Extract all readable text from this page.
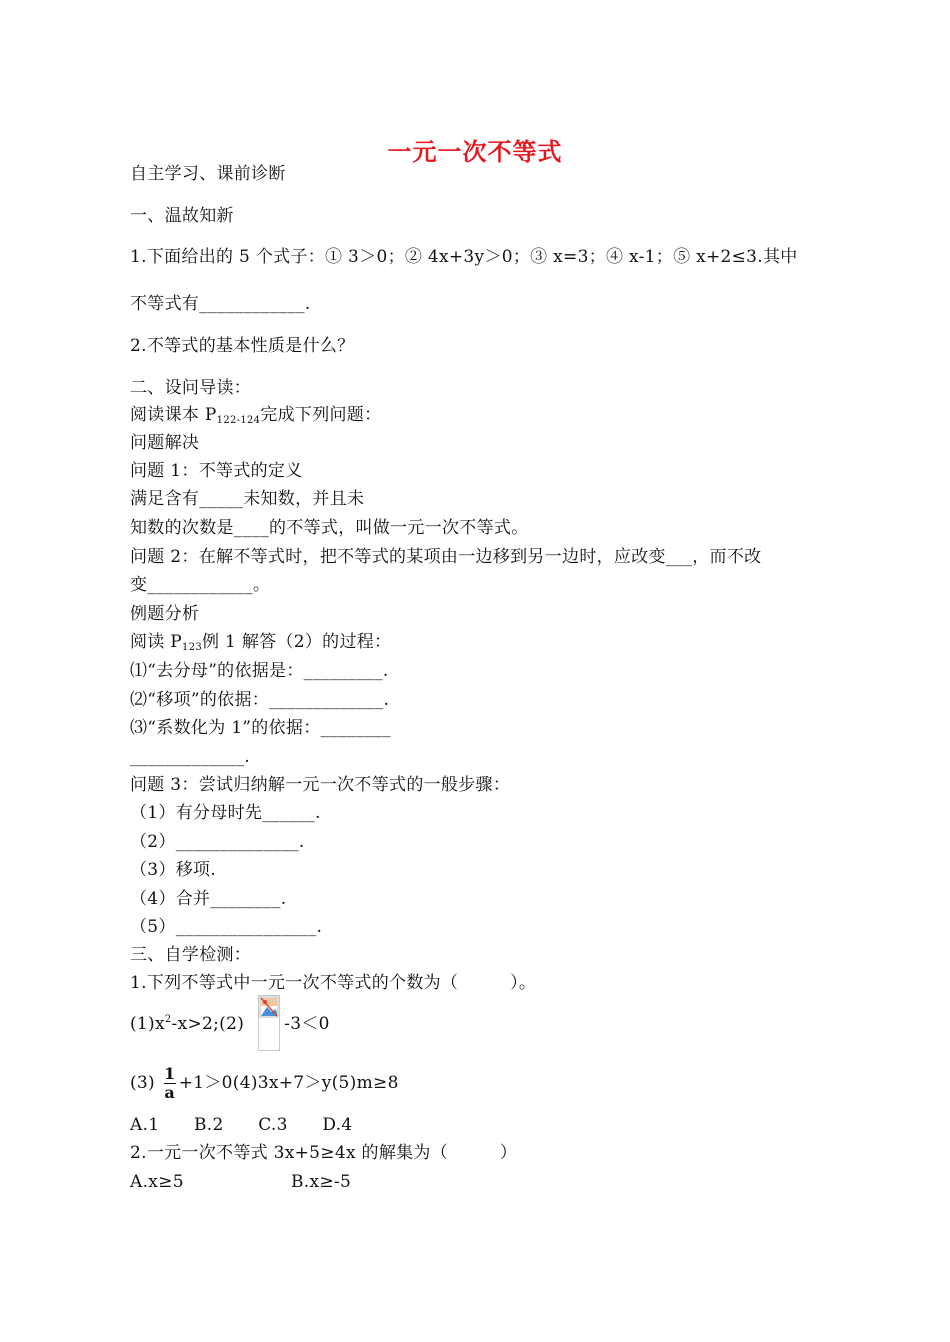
一元一次不等式
自主学习、课前诊断
一、温故知新
1.下面给出的 5 个式子：① 3＞0；② 4x+3y＞0；③ x=3；④ x-1；⑤ x+2≤3.其中
不等式有____________.
2.不等式的基本性质是什么？
二、设问导读：
阅读课本 P122-124完成下列问题：
问题解决
问题 1：不等式的定义
满足含有_____未知数，并且未
知数的次数是____的不等式，叫做一元一次不等式。
问题 2：在解不等式时，把不等式的某项由一边移到另一边时，应改变___，而不改
变____________。
例题分析
阅读 P123例 1 解答（2）的过程：
⑴“去分母”的依据是：_________.
⑵“移项”的依据：_____________.
⑶“系数化为 1”的依据：________
_____________.
问题 3：尝试归纳解一元一次不等式的一般步骤：
（1）有分母时先______.
（2）______________.
（3）移项.
（4）合并________.
（5）________________.
三、自学检测：
1.下列不等式中一元一次不等式的个数为（　　　）。
$(1)x^2-x>2;(2)$ -3＜0
$(3) \frac{1}{a} +1>0(4)3x+7>y(5)m\ge 8$
A.1　　B.2　　C.3　　D.4
2.一元一次不等式 3x+5≥4x 的解集为（　　　）
A.x≥5	B.x≥-5
